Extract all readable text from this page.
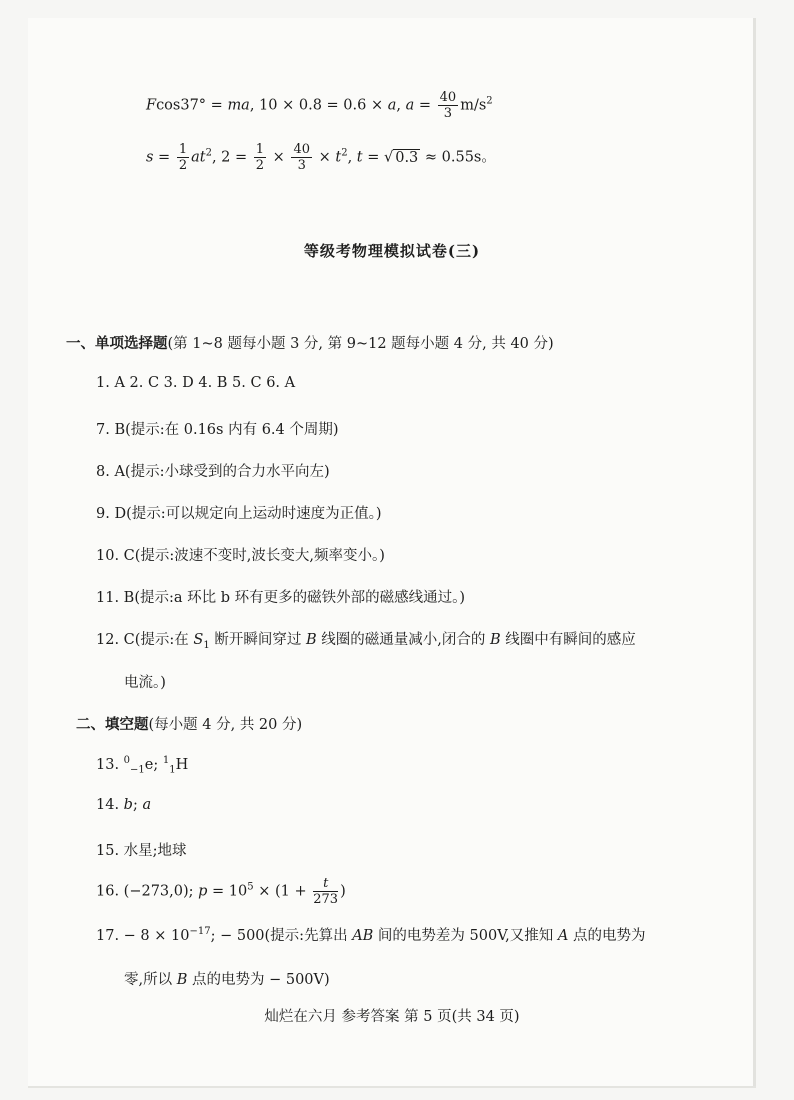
Fcos37° = ma, 10 × 0.8 = 0.6 × a, $a = \frac{40}{3} m/s^2$
$s = \frac{1}{2} at^2$, $2 = \frac{1}{2} \times \frac{40}{3} \times t^2$, t = √ 0.3 ≈ 0.55s。
等级考物理模拟试卷(三)
一、单项选择题(第 1~8 题每小题 3 分, 第 9~12 题每小题 4 分, 共 40 分)
1. A 2. C 3. D 4. B 5. C 6. A
7. B(提示:在 0.16s 内有 6.4 个周期)
8. A(提示:小球受到的合力水平向左)
9. D(提示:可以规定向上运动时速度为正值。)
10. C(提示:波速不变时,波长变大,频率变小。)
11. B(提示:a 环比 b 环有更多的磁铁外部的磁感线通过。)
12. C(提示:在 $S_1$ 断开瞬间穿过 B 线圈的磁通量减小,闭合的 B 线圈中有瞬间的感应
电流。)
二、填空题(每小题 4 分, 共 20 分)
13. $^0_{-1}$e; $^1_1$H
14. b; a
15. 水星;地球
16. (−273,0); $p = 10^5 \times (1 + \frac{t}{273}$ )
17. − $8 \times 10^{-17}$; − 500(提示:先算出 AB 间的电势差为 500V,又推知 A 点的电势为
零,所以 B 点的电势为 − 500V)
灿烂在六月 参考答案 第 5 页(共 34 页)
